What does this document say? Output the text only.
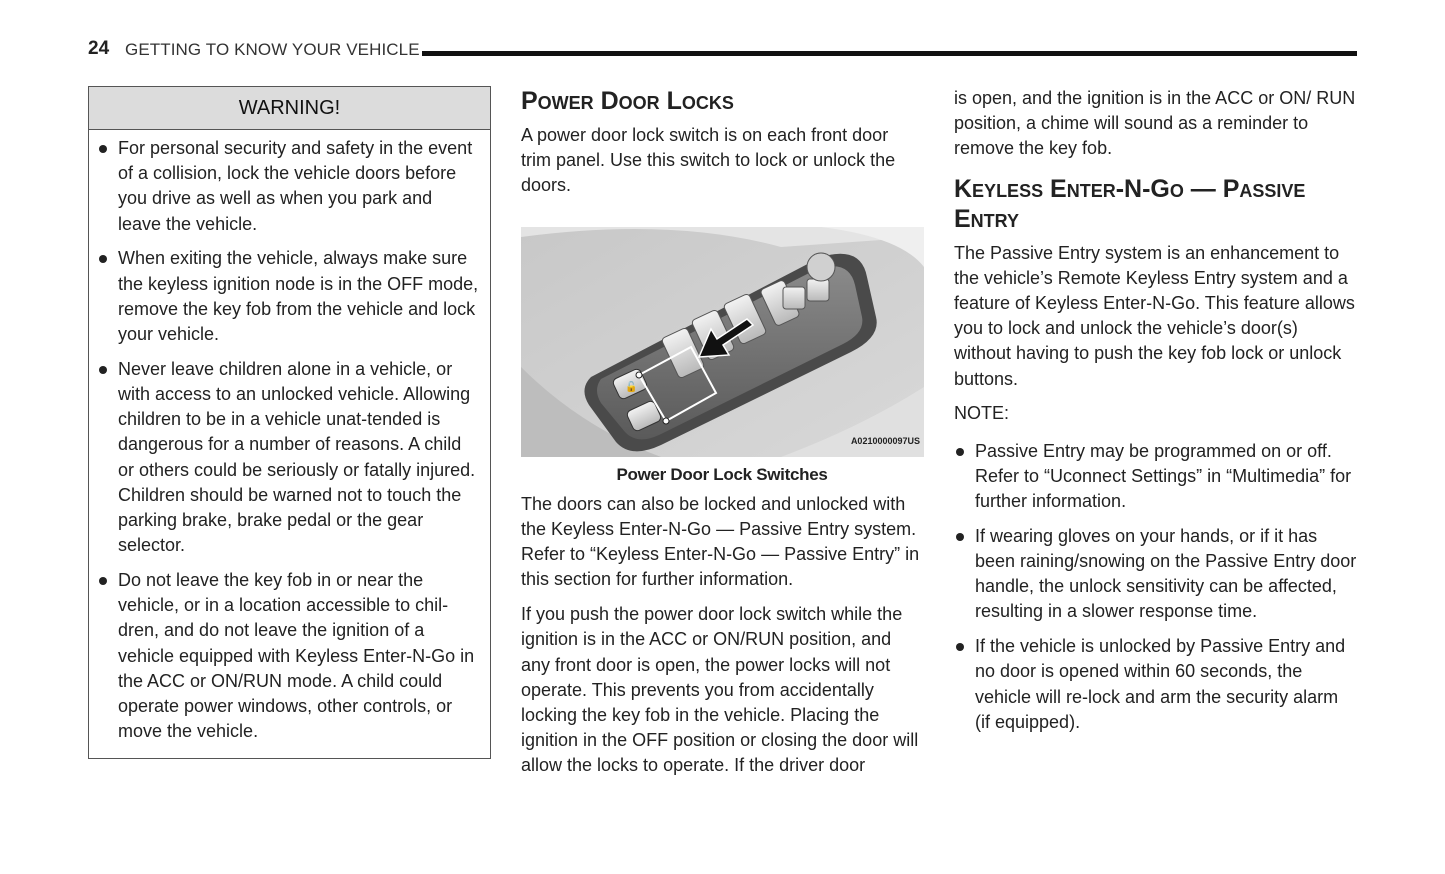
24 GETTING TO KNOW YOUR VEHICLE
WARNING!
For personal security and safety in the event of a collision, lock the vehicle doors before you drive as well as when you park and leave the vehicle.
When exiting the vehicle, always make sure the keyless ignition node is in the OFF mode, remove the key fob from the vehicle and lock your vehicle.
Never leave children alone in a vehicle, or with access to an unlocked vehicle. Allowing children to be in a vehicle unat-tended is dangerous for a number of reasons. A child or others could be seriously or fatally injured. Children should be warned not to touch the parking brake, brake pedal or the gear selector.
Do not leave the key fob in or near the vehicle, or in a location accessible to chil-dren, and do not leave the ignition of a vehicle equipped with Keyless Enter-N-Go in the ACC or ON/RUN mode. A child could operate power windows, other controls, or move the vehicle.
Power Door Locks

A power door lock switch is on each front door trim panel. Use this switch to lock or unlock the doors.

🔓
A0210000097US
Power Door Lock Switches

The doors can also be locked and unlocked with the Keyless Enter-N-Go — Passive Entry system. Refer to “Keyless Enter-N-Go — Passive Entry” in this section for further information.

If you push the power door lock switch while the ignition is in the ACC or ON/RUN position, and any front door is open, the power locks will not operate. This prevents you from accidentally locking the key fob in the vehicle. Placing the ignition in the OFF position or closing the door will allow the locks to operate. If the driver door

is open, and the ignition is in the ACC or ON/ RUN position, a chime will sound as a reminder to remove the key fob.

Keyless Enter-N-Go — Passive Entry

The Passive Entry system is an enhancement to the vehicle’s Remote Keyless Entry system and a feature of Keyless Enter-N-Go. This feature allows you to lock and unlock the vehicle’s door(s) without having to push the key fob lock or unlock buttons.

NOTE:
Passive Entry may be programmed on or off. Refer to “Uconnect Settings” in “Multimedia” for further information.
If wearing gloves on your hands, or if it has been raining/snowing on the Passive Entry door handle, the unlock sensitivity can be affected, resulting in a slower response time.
If the vehicle is unlocked by Passive Entry and no door is opened within 60 seconds, the vehicle will re-lock and arm the security alarm (if equipped).
